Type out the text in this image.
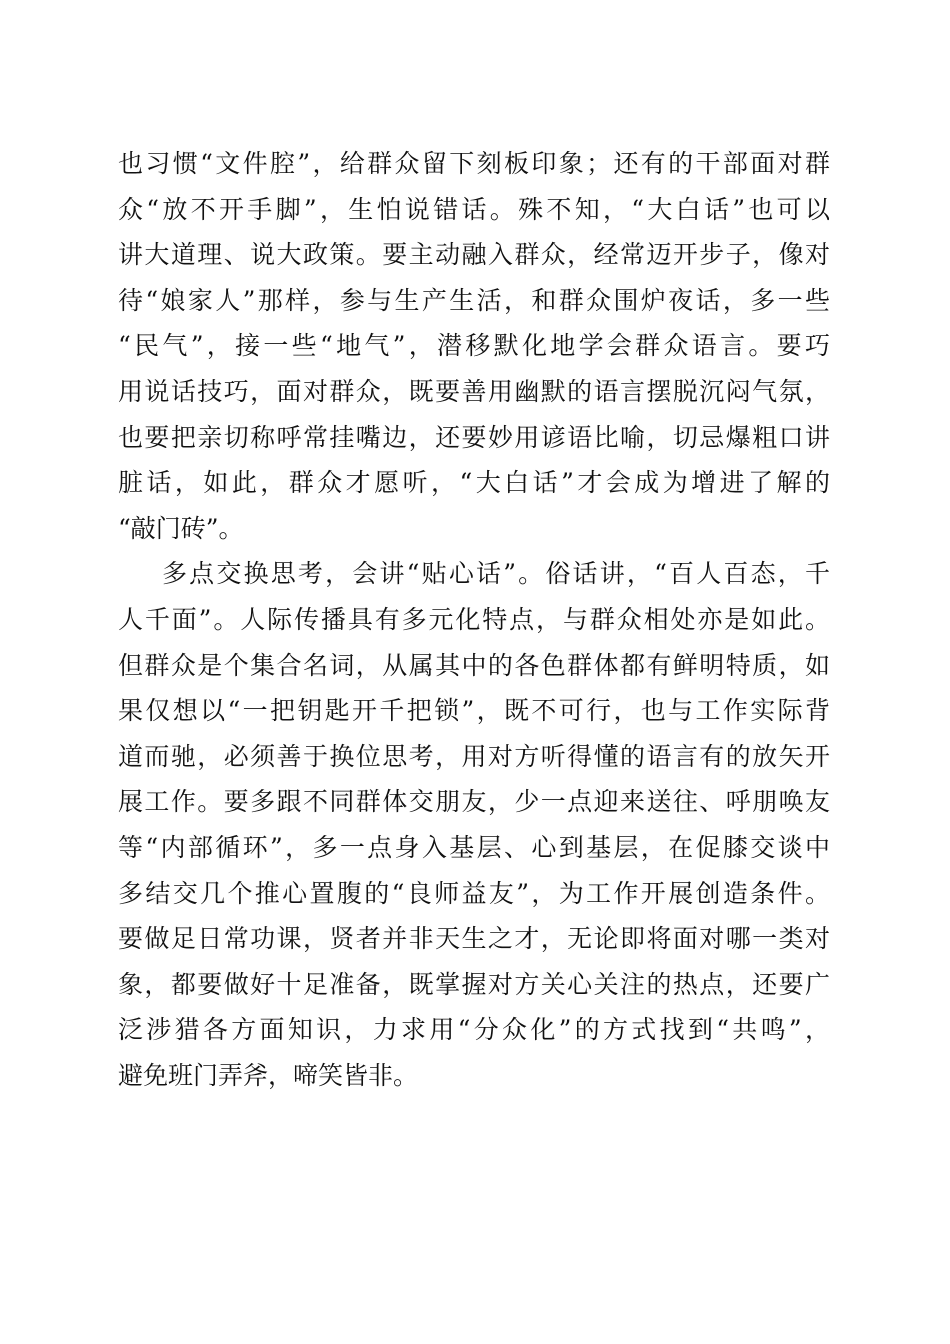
也习惯“文件腔”，给群众留下刻板印象；还有的干部面对群
众“放不开手脚”，生怕说错话。殊不知，“大白话”也可以
讲大道理、说大政策。要主动融入群众，经常迈开步子，像对
待“娘家人”那样，参与生产生活，和群众围炉夜话，多一些
“民气”，接一些“地气”，潜移默化地学会群众语言。要巧
用说话技巧，面对群众，既要善用幽默的语言摆脱沉闷气氛，
也要把亲切称呼常挂嘴边，还要妙用谚语比喻，切忌爆粗口讲
脏话，如此，群众才愿听，“大白话”才会成为增进了解的
“敲门砖”。
多点交换思考，会讲“贴心话”。俗话讲，“百人百态，千
人千面”。人际传播具有多元化特点，与群众相处亦是如此。
但群众是个集合名词，从属其中的各色群体都有鲜明特质，如
果仅想以“一把钥匙开千把锁”，既不可行，也与工作实际背
道而驰，必须善于换位思考，用对方听得懂的语言有的放矢开
展工作。要多跟不同群体交朋友，少一点迎来送往、呼朋唤友
等“内部循环”，多一点身入基层、心到基层，在促膝交谈中
多结交几个推心置腹的“良师益友”，为工作开展创造条件。
要做足日常功课，贤者并非天生之才，无论即将面对哪一类对
象，都要做好十足准备，既掌握对方关心关注的热点，还要广
泛涉猎各方面知识，力求用“分众化”的方式找到“共鸣”，
避免班门弄斧，啼笑皆非。
